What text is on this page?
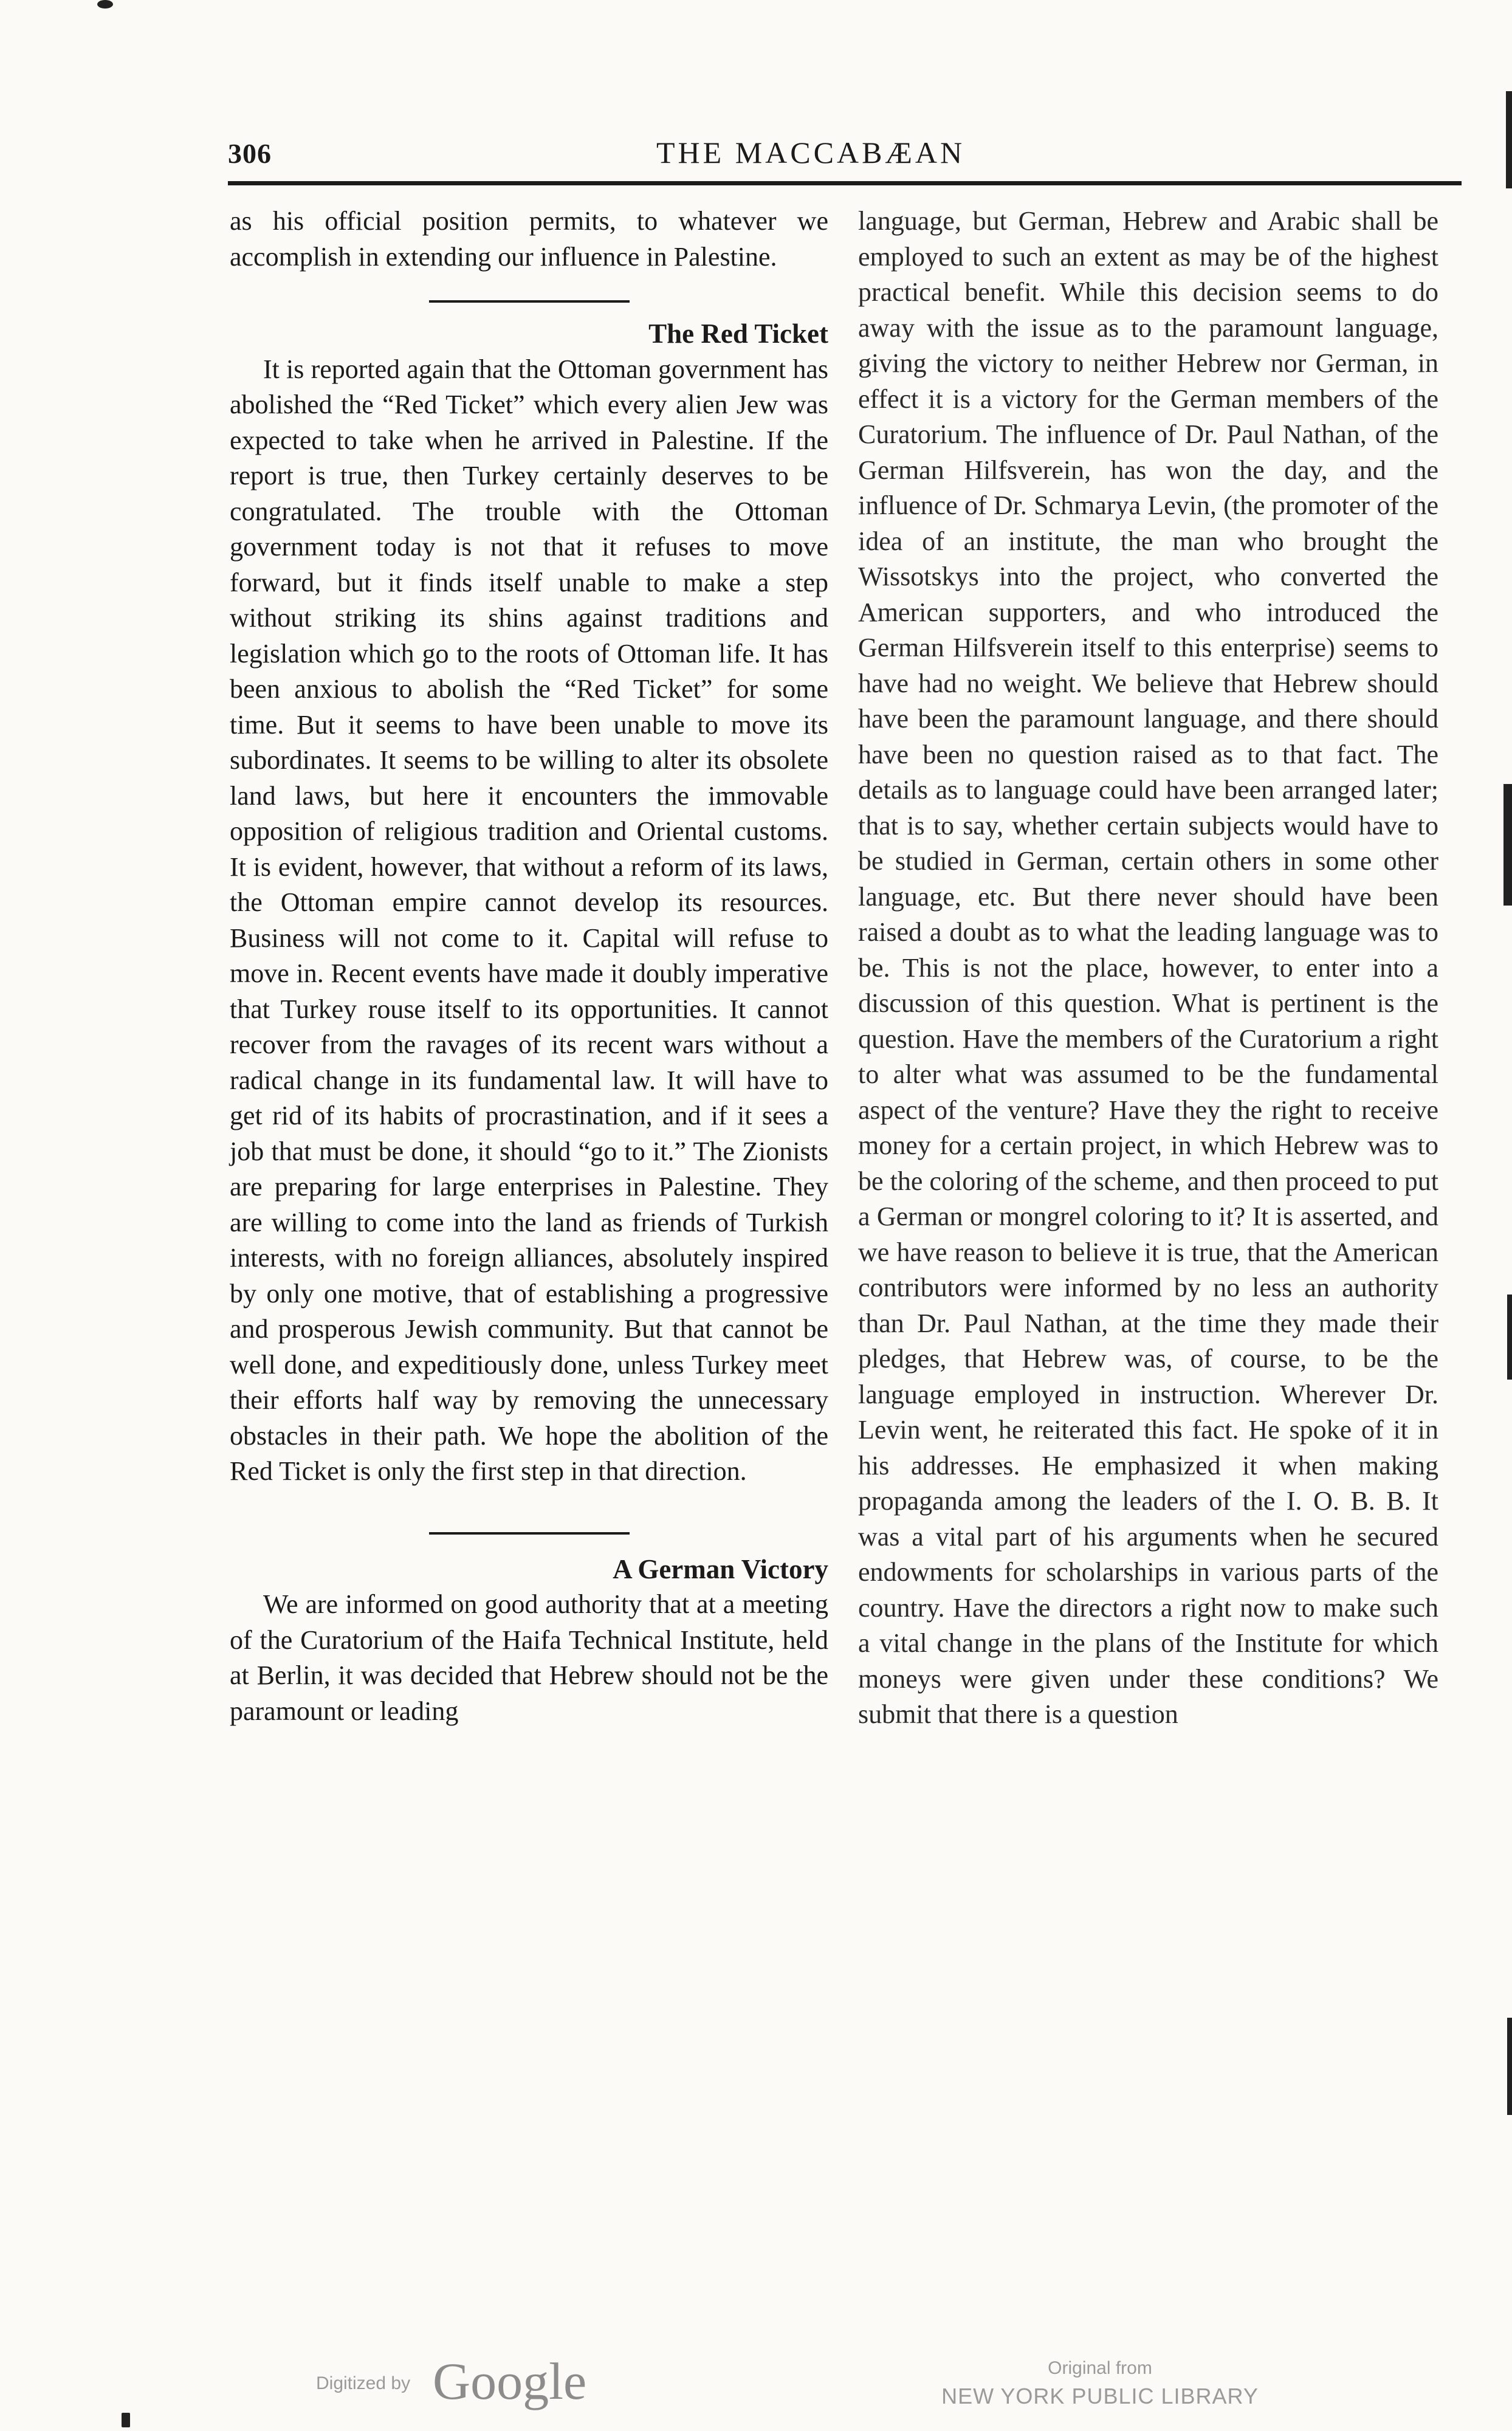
306	THE MACCABÆAN

as his official position permits, to whatever we accomplish in extending our influence in Palestine.

The Red Ticket

It is reported again that the Ottoman government has abolished the “Red Ticket” which every alien Jew was expected to take when he arrived in Palestine. If the report is true, then Turkey certainly deserves to be congratulated. The trouble with the Ottoman government today is not that it refuses to move forward, but it finds itself unable to make a step without striking its shins against traditions and legislation which go to the roots of Ottoman life. It has been anxious to abolish the “Red Ticket” for some time. But it seems to have been unable to move its subordinates. It seems to be willing to alter its obsolete land laws, but here it encounters the immovable opposition of religious tradition and Oriental customs. It is evident, however, that without a reform of its laws, the Ottoman empire cannot develop its resources. Business will not come to it. Capital will refuse to move in. Recent events have made it doubly imperative that Turkey rouse itself to its opportunities. It cannot recover from the ravages of its recent wars without a radical change in its fundamental law. It will have to get rid of its habits of procrastination, and if it sees a job that must be done, it should “go to it.” The Zionists are preparing for large enterprises in Palestine. They are willing to come into the land as friends of Turkish interests, with no foreign alliances, absolutely inspired by only one motive, that of establishing a progressive and prosperous Jewish community. But that cannot be well done, and expeditiously done, unless Turkey meet their efforts half way by removing the unnecessary obstacles in their path. We hope the abolition of the Red Ticket is only the first step in that direction.

A German Victory

We are informed on good authority that at a meeting of the Curatorium of the Haifa Technical Institute, held at Berlin, it was decided that Hebrew should not be the paramount or leading

language, but German, Hebrew and Arabic shall be employed to such an extent as may be of the highest practical benefit. While this decision seems to do away with the issue as to the paramount language, giving the victory to neither Hebrew nor German, in effect it is a victory for the German members of the Curatorium. The influence of Dr. Paul Nathan, of the German Hilfsverein, has won the day, and the influence of Dr. Schmarya Levin, (the promoter of the idea of an institute, the man who brought the Wissotskys into the project, who converted the American supporters, and who introduced the German Hilfsverein itself to this enterprise) seems to have had no weight. We believe that Hebrew should have been the paramount language, and there should have been no question raised as to that fact. The details as to language could have been arranged later; that is to say, whether certain subjects would have to be studied in German, certain others in some other language, etc. But there never should have been raised a doubt as to what the leading language was to be. This is not the place, however, to enter into a discussion of this question. What is pertinent is the question. Have the members of the Curatorium a right to alter what was assumed to be the fundamental aspect of the venture? Have they the right to receive money for a certain project, in which Hebrew was to be the coloring of the scheme, and then proceed to put a German or mongrel coloring to it? It is asserted, and we have reason to believe it is true, that the American contributors were informed by no less an authority than Dr. Paul Nathan, at the time they made their pledges, that Hebrew was, of course, to be the language employed in instruction. Wherever Dr. Levin went, he reiterated this fact. He spoke of it in his addresses. He emphasized it when making propaganda among the leaders of the I. O. B. B. It was a vital part of his arguments when he secured endowments for scholarships in various parts of the country. Have the directors a right now to make such a vital change in the plans of the Institute for which moneys were given under these conditions? We submit that there is a question

Digitized by Google	Original from
NEW YORK PUBLIC LIBRARY
